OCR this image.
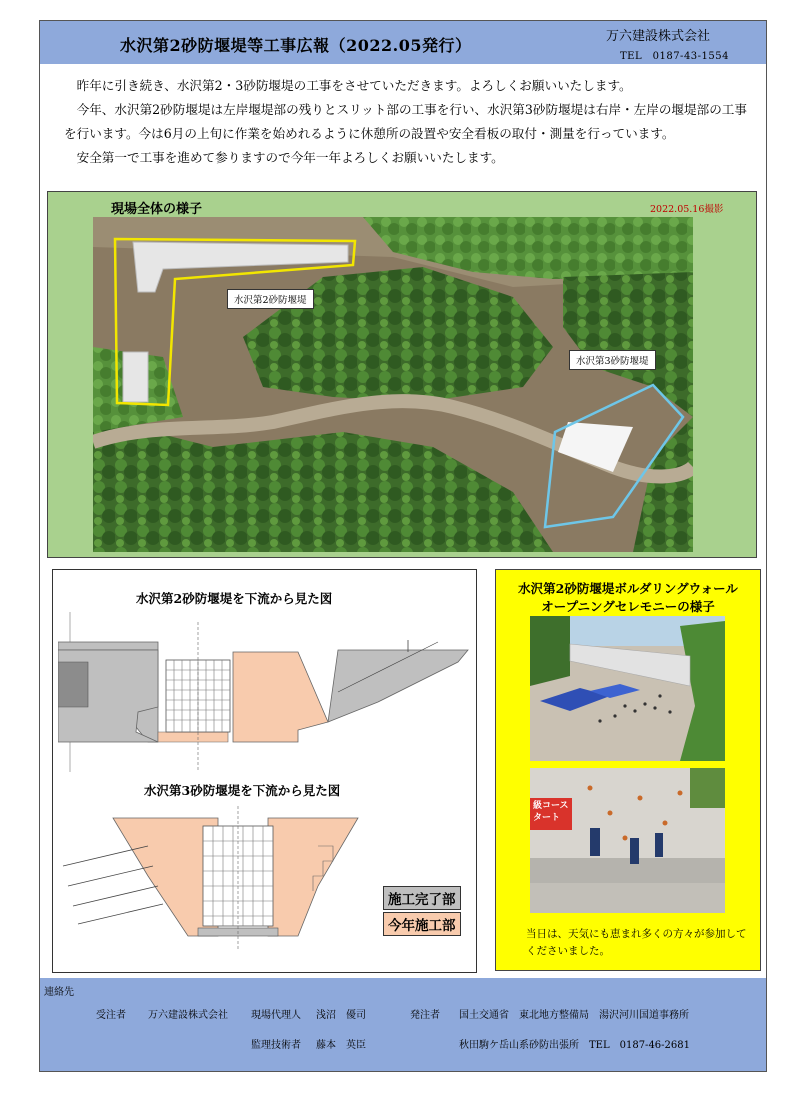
水沢第2砂防堰堤等工事広報（2022.05発行）	万六建設株式会社
TEL　0187-43-1554

昨年に引き続き、水沢第2・3砂防堰堤の工事をさせていただきます。よろしくお願いいたします。

今年、水沢第2砂防堰堤は左岸堰堤部の残りとスリット部の工事を行い、水沢第3砂防堰堤は右岸・左岸の堰堤部の工事を行います。今は6月の上旬に作業を始めれるように休憩所の設置や安全看板の取付・測量を行っています。

安全第一で工事を進めて参りますので今年一年よろしくお願いいたします。

現場全体の様子	2022.05.16撮影
水沢第2砂防堰堤
水沢第3砂防堰堤
水沢第2砂防堰堤を下流から見た図
水沢第3砂防堰堤を下流から見た図
施工完了部
今年施工部
水沢第2砂防堰堤ボルダリングウォール
オープニングセレモニーの様子
級コース
タート
当日は、天気にも恵まれ多くの方々が参加してくださいました。
連絡先
受注者 万六建設株式会社 現場代理人 浅沼　優司	発注者 国土交通省　東北地方整備局　湯沢河川国道事務所
監理技術者 藤本　英臣	秋田駒ケ岳山系砂防出張所　TEL　0187-46-2681
